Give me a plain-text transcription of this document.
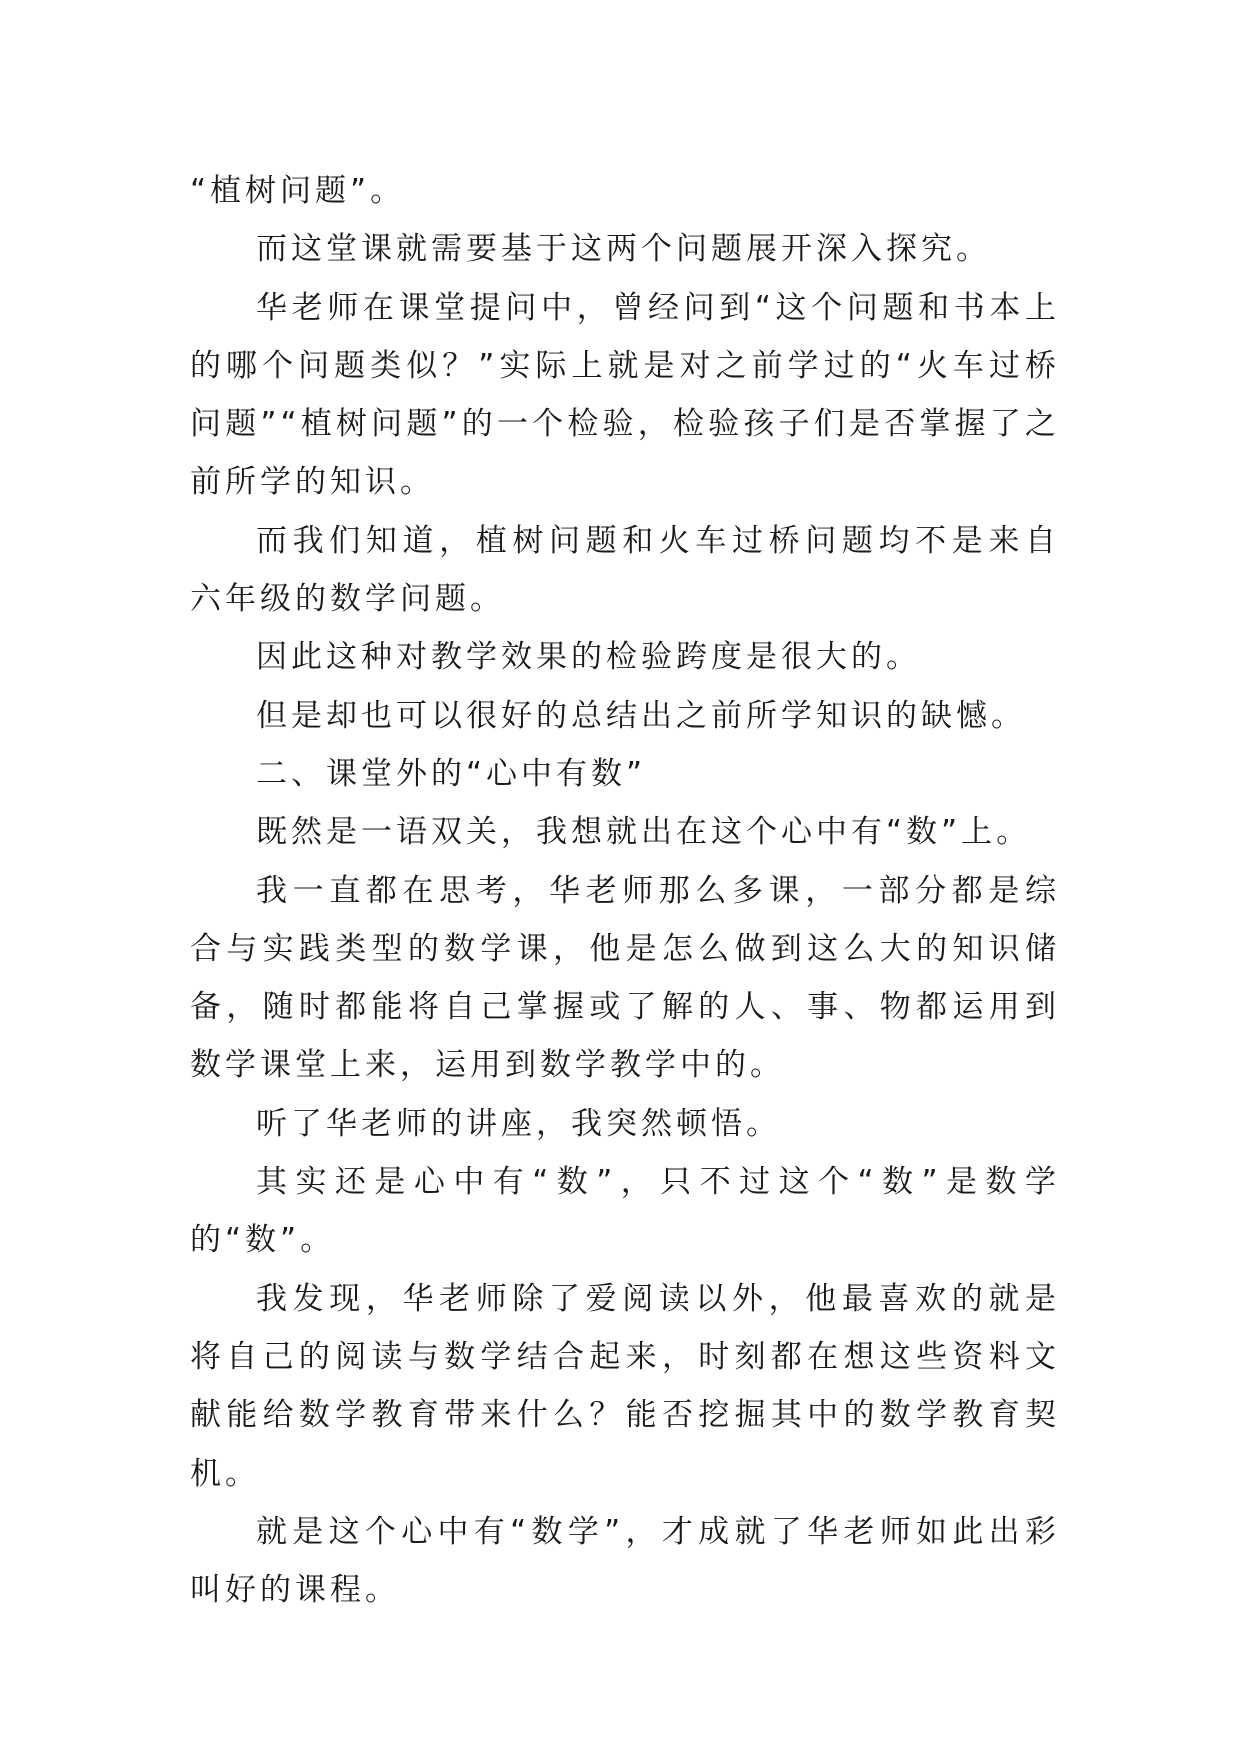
“植树问题”。

而这堂课就需要基于这两个问题展开深入探究。

华老师在课堂提问中，曾经问到“这个问题和书本上的哪个问题类似？”实际上就是对之前学过的“火车过桥问题”“植树问题”的一个检验，检验孩子们是否掌握了之前所学的知识。

而我们知道，植树问题和火车过桥问题均不是来自六年级的数学问题。

因此这种对教学效果的检验跨度是很大的。

但是却也可以很好的总结出之前所学知识的缺憾。

二、课堂外的“心中有数”

既然是一语双关，我想就出在这个心中有“数”上。

我一直都在思考，华老师那么多课，一部分都是综合与实践类型的数学课，他是怎么做到这么大的知识储备，随时都能将自己掌握或了解的人、事、物都运用到数学课堂上来，运用到数学教学中的。

听了华老师的讲座，我突然顿悟。

其实还是心中有“数”，只不过这个“数”是数学的“数”。

我发现，华老师除了爱阅读以外，他最喜欢的就是将自己的阅读与数学结合起来，时刻都在想这些资料文献能给数学教育带来什么？能否挖掘其中的数学教育契机。

就是这个心中有“数学”，才成就了华老师如此出彩叫好的课程。
